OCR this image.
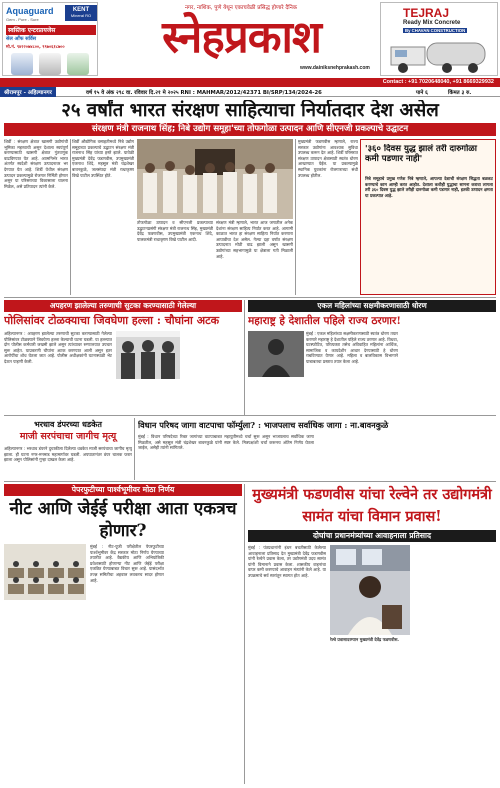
Aquaguard	KENT
Mineral RO
Gem - Pure - Sure
स्वस्तिक एन्टरप्रायजेस
सेल आँफ सर्विस
मो.नं. ९४२२०७४८००, ९९७०६१८७००
नगर, नाशिक, पुणे येथून एकाचवेळी प्रसिद्ध होणारे दैनिक
स्नेहप्रकाश
www.dainiksnehprakash.com
TEJRAJ
Ready Mix Concrete
By CHAVAN CONSTRUCTION
Contact : +91 7020648040, +91 8669329932
श्रीरामपूर - अहिल्यानगर	वर्ष १५ वे अंक २९८ वा. रविवार दि.२१ मे २०२५ RNI : MAHMAR/2012/42371 BI/SRP/134/2024-26	पाने ६	किंमत ३ रु.
२५ वर्षांत भारत संरक्षण साहित्याचा निर्यातदार देश असेल
संरक्षण मंत्री राजनाथ सिंह; निबे उद्योग समूहा'च्या तोफगोळा उत्पादन आणि सीएनजी प्रकल्पाचे उद्घाटन
शिर्डी : संरक्षण क्षेत्रात खासगी उद्योगांची भूमिका महत्त्वाची असून देशाला स्वयंपूर्ण करण्यासाठी खासगी क्षेत्रात गुंतवणूक वाढविण्यात येत आहे. आत्मनिर्भर भारत अंतर्गत स्वदेशी संरक्षण उत्पादनावर भर देण्यात येत आहे. शिर्डी येथील संरक्षण उत्पादन प्रकल्पामुळे रोजगार निर्मिती होणार असून या परिसराच्या विकासाला चालना मिळेल, असे प्रतिपादन त्यांनी केले.
शिर्डी औद्योगिक वसाहतीमध्ये निबे उद्योग समूहाच्या प्रकल्पाचे उद्घाटन संरक्षण मंत्री राजनाथ सिंह यांच्या हस्ते झाले. यावेळी मुख्यमंत्री देवेंद्र फडणवीस, उपमुख्यमंत्री एकनाथ शिंदे, महसूल मंत्री चंद्रशेखर बावनकुळे, जलसंपदा मंत्री राधाकृष्ण विखे पाटील उपस्थित होते.
तोफगोळा उत्पादन व सीएनजी प्रकल्पाच्या उद्घाटनप्रसंगी संरक्षण मंत्री राजनाथ सिंह, मुख्यमंत्री देवेंद्र फडणवीस, उपमुख्यमंत्री एकनाथ शिंदे, पालकमंत्री राधाकृष्ण विखे पाटील आदी.
संरक्षण मंत्री म्हणाले, भारत आज जगातील अनेक देशांना संरक्षण साहित्य निर्यात करत आहे. आगामी काळात भारत हा संरक्षण साहित्य निर्यात करणारा आघाडीचा देश असेल. गेल्या दहा वर्षांत संरक्षण उत्पादनात मोठी वाढ झाली असून खासगी उद्योगांच्या सहभागामुळे या क्षेत्राला गती मिळाली आहे.
मुख्यमंत्री फडणवीस म्हणाले, राज्य सरकार उद्योगांना आवश्यक सुविधा उपलब्ध करून देत आहे. शिर्डी परिसरात संरक्षण उत्पादन क्षेत्रासाठी स्वतंत्र धोरण आखण्यात येईल. या प्रकल्पामुळे स्थानिक युवकांना रोजगाराच्या संधी उपलब्ध होतील.
'३६० दिवस युद्ध झालं तरी दारुगोळा कमी पडणार नाही'
निबे समूहाचे प्रमुख गणेश निबे म्हणाले, आपल्या देशाची संरक्षण सिद्धता बळकट करण्याचे काम आम्ही करत आहोत. देशाला कधीही युद्धाचा सामना करावा लागला तरी ३६० दिवस युद्ध झाले तरीही दारुगोळा कमी पडणार नाही, इतकी उत्पादन क्षमता या प्रकल्पात आहे.
अपहरण झालेल्या तरुणाची सुटका करण्यासाठी गेलेल्या
पोलिसांवर टोळक्याचा जिवघेणा हल्ला : चौघांना अटक
अहिल्यानगर : अपहरण झालेल्या तरुणाची सुटका करण्यासाठी गेलेल्या पोलिसांवर टोळक्याने जिवघेणा हल्ला केल्याची घटना घडली. या हल्ल्यात दोन पोलीस कर्मचारी जखमी झाले असून त्यांच्यावर रुग्णालयात उपचार सुरू आहेत. याप्रकरणी चौघांना अटक करण्यात आली असून इतर आरोपींचा शोध घेतला जात आहे. पोलीस अधीक्षकांनी घटनास्थळी भेट देऊन पाहणी केली.
एकल महिलांच्या सक्षमीकरणासाठी धोरण
महाराष्ट्र हे देशातील पहिले राज्य ठरणार!
मुंबई : एकल महिलांच्या सक्षमीकरणासाठी स्वतंत्र धोरण तयार करणारे महाराष्ट्र हे देशातील पहिले राज्य ठरणार आहे. विधवा, घटस्फोटित, परित्यक्ता तसेच अविवाहित महिलांना आर्थिक, सामाजिक व कायदेशीर आधार देण्यासाठी हे धोरण राबविण्यात येणार आहे. महिला व बालविकास विभागाने याबाबतचा प्रस्ताव तयार केला आहे.
भरधाव डंपरच्या धडकेत
माजी सरपंचाचा जागीच मृत्यू
अहिल्यानगर : भरधाव डंपरने दुचाकीला दिलेल्या धडकेत माजी सरपंचाचा जागीच मृत्यू झाला. ही घटना नगर-मनमाड महामार्गावर घडली. अपघातानंतर डंपर चालक फरार झाला असून पोलिसांनी गुन्हा दाखल केला आहे.
विधान परिषद जागा वाटपाचा फॉर्म्युला? : भाजपलाच सर्वाधिक जागा : ना.बावनकुळे
मुंबई : विधान परिषदेच्या रिक्त जागांच्या वाटपाबाबत महायुतीमध्ये चर्चा सुरू असून भाजपलाच सर्वाधिक जागा मिळतील, असे महसूल मंत्री चंद्रशेखर बावनकुळे यांनी स्पष्ट केले. मित्रपक्षांशी चर्चा करूनच अंतिम निर्णय घेतला जाईल, असेही त्यांनी सांगितले.
पेपरफुटीच्या पार्श्वभूमीवर मोठा निर्णय
नीट आणि जेईई परीक्षा आता एकत्रच होणार?
मुंबई : नीट-यूजी परीक्षेतील पेपरफुटीच्या पार्श्वभूमीवर केंद्र सरकार मोठा निर्णय घेण्याच्या तयारीत आहे. वैद्यकीय आणि अभियांत्रिकी प्रवेशासाठी होणाऱ्या नीट आणि जेईई परीक्षा एकत्रित घेण्याबाबत विचार सुरू आहे. यासंदर्भात तज्ज्ञ समितीचा अहवाल लवकरच सादर होणार आहे.
मुख्यमंत्री फडणवीस यांचा रेल्वेने तर उद्योगमंत्री सामंत यांचा विमान प्रवास!
दोघांचा प्रधानमंत्र्यांच्या आवाहनाला प्रतिसाद
मुंबई : पंतप्रधानांनी इंधन बचतीसाठी केलेल्या आवाहनाला प्रतिसाद देत मुख्यमंत्री देवेंद्र फडणवीस यांनी रेल्वेने प्रवास केला, तर उद्योगमंत्री उदय सामंत यांनी विमानाने प्रवास केला. शासकीय वाहनांचा वापर कमी करण्याचे आवाहन मंत्र्यांनी केले आहे. या उपक्रमाचे सर्व स्तरांतून स्वागत होत आहे.
रेल्वे प्रवासादरम्यान मुख्यमंत्री देवेंद्र फडणवीस.
